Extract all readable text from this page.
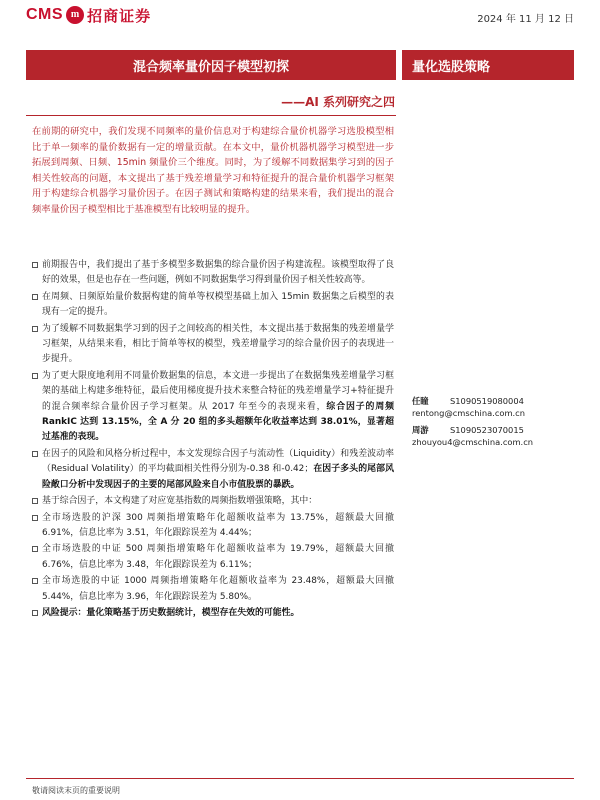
CMS m 招商证券	2024 年 11 月 12 日
混合频率量价因子模型初探	量化选股策略
——AI 系列研究之四
在前期的研究中，我们发现不同频率的量价信息对于构建综合量价机器学习选股模型相比于单一频率的量价数据有一定的增量贡献。在本文中，量价机器机器学习模型进一步拓展到周频、日频、15min 频量价三个维度。同时，为了缓解不同数据集学习到的因子相关性较高的问题，本文提出了基于残差增量学习和特征提升的混合量价机器学习框架用于构建综合机器学习量价因子。在因子测试和策略构建的结果来看，我们提出的混合频率量价因子模型相比于基准模型有比较明显的提升。
前期报告中，我们提出了基于多模型多数据集的综合量价因子构建流程。该模型取得了良好的效果，但是也存在一些问题，例如不同数据集学习得到量价因子相关性较高等。
在周频、日频原始量价数据构建的简单等权模型基础上加入 15min 数据集之后模型的表现有一定的提升。
为了缓解不同数据集学习到的因子之间较高的相关性，本文提出基于数据集的残差增量学习框架，从结果来看，相比于简单等权的模型，残差增量学习的综合量价因子的表现进一步提升。
为了更大限度地利用不同量价数据集的信息，本文进一步提出了在数据集残差增量学习框架的基础上构建多维特征，最后使用梯度提升技术来整合特征的残差增量学习+特征提升的混合频率综合量价因子学习框架。从 2017 年至今的表现来看，综合因子的周频 RankIC 达到 13.15%，全 A 分 20 组的多头超额年化收益率达到 38.01%，显著超过基准的表现。
在因子的风险和风格分析过程中，本文发现综合因子与流动性（Liquidity）和残差波动率（Residual Volatility）的平均截面相关性得分别为-0.38 和-0.42；在因子多头的尾部风险敞口分析中发现因子的主要的尾部风险来自小市值股票的暴跌。
基于综合因子，本文构建了对应宽基指数的周频指数增强策略，其中：
全市场选股的沪深 300 周频指增策略年化超额收益率为 13.75%，超额最大回撤 6.91%，信息比率为 3.51，年化跟踪误差为 4.44%；
全市场选股的中证 500 周频指增策略年化超额收益率为 19.79%，超额最大回撤 6.76%，信息比率为 3.48，年化跟踪误差为 6.11%；
全市场选股的中证 1000 周频指增策略年化超额收益率为 23.48%，超额最大回撤 5.44%，信息比率为 3.96，年化跟踪误差为 5.80%。
风险提示：量化策略基于历史数据统计，模型存在失效的可能性。
任瞳	S1090519080004
rentong@cmschina.com.cn
周游	S1090523070015
zhouyou4@cmschina.com.cn
敬请阅读末页的重要说明
